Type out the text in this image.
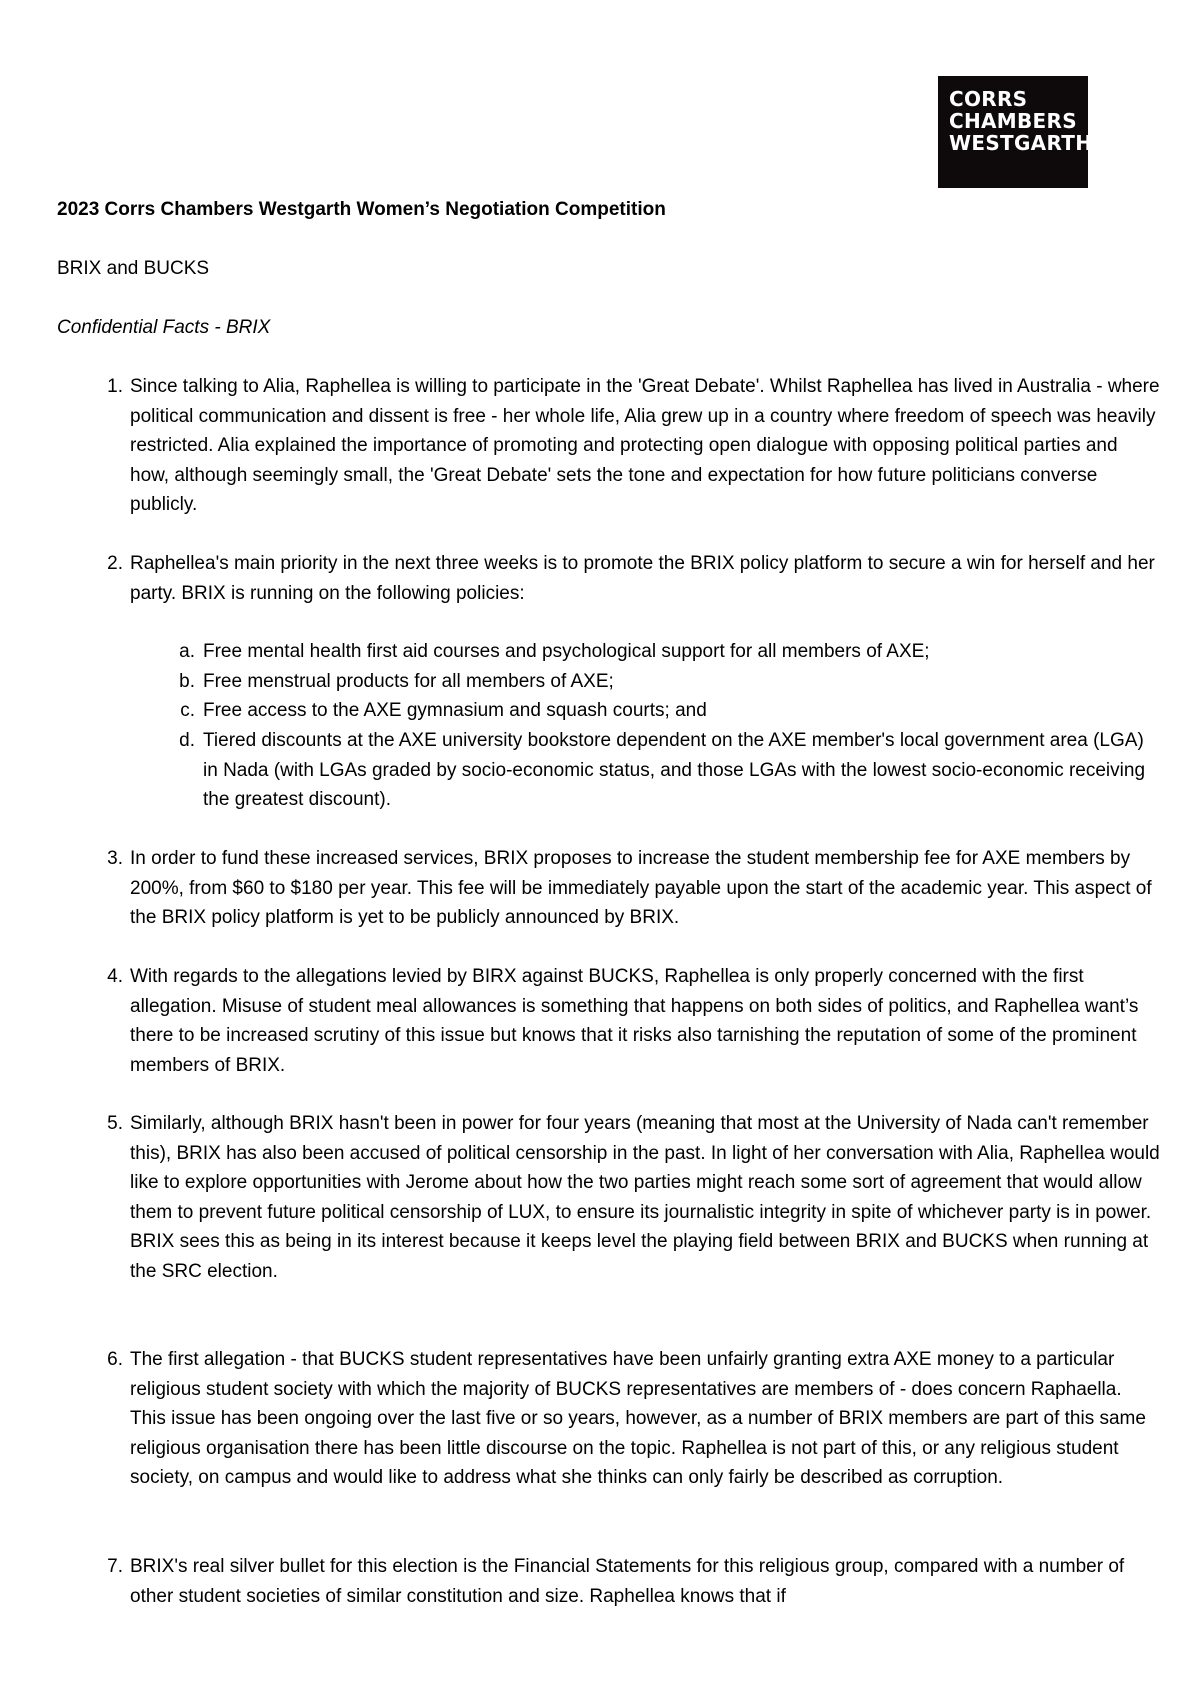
CORRS
CHAMBERS
WESTGARTH
2023 Corrs Chambers Westgarth Women’s Negotiation Competition
BRIX and BUCKS
Confidential Facts - BRIX
1. Since talking to Alia, Raphellea is willing to participate in the 'Great Debate'. Whilst Raphellea has lived in Australia - where political communication and dissent is free - her whole life, Alia grew up in a country where freedom of speech was heavily restricted. Alia explained the importance of promoting and protecting open dialogue with opposing political parties and how, although seemingly small, the 'Great Debate' sets the tone and expectation for how future politicians converse publicly.
2. Raphellea's main priority in the next three weeks is to promote the BRIX policy platform to secure a win for herself and her party. BRIX is running on the following policies:
a. Free mental health first aid courses and psychological support for all members of AXE;
b. Free menstrual products for all members of AXE;
c. Free access to the AXE gymnasium and squash courts; and
d. Tiered discounts at the AXE university bookstore dependent on the AXE member's local government area (LGA) in Nada (with LGAs graded by socio-economic status, and those LGAs with the lowest socio-economic receiving the greatest discount).
3. In order to fund these increased services, BRIX proposes to increase the student membership fee for AXE members by 200%, from $60 to $180 per year. This fee will be immediately payable upon the start of the academic year. This aspect of the BRIX policy platform is yet to be publicly announced by BRIX.
4. With regards to the allegations levied by BIRX against BUCKS, Raphellea is only properly concerned with the first allegation. Misuse of student meal allowances is something that happens on both sides of politics, and Raphellea want’s there to be increased scrutiny of this issue but knows that it risks also tarnishing the reputation of some of the prominent members of BRIX.
5. Similarly, although BRIX hasn't been in power for four years (meaning that most at the University of Nada can't remember this), BRIX has also been accused of political censorship in the past. In light of her conversation with Alia, Raphellea would like to explore opportunities with Jerome about how the two parties might reach some sort of agreement that would allow them to prevent future political censorship of LUX, to ensure its journalistic integrity in spite of whichever party is in power. BRIX sees this as being in its interest because it keeps level the playing field between BRIX and BUCKS when running at the SRC election.
6. The first allegation - that BUCKS student representatives have been unfairly granting extra AXE money to a particular religious student society with which the majority of BUCKS representatives are members of - does concern Raphaella. This issue has been ongoing over the last five or so years, however, as a number of BRIX members are part of this same religious organisation there has been little discourse on the topic. Raphellea is not part of this, or any religious student society, on campus and would like to address what she thinks can only fairly be described as corruption.
7. BRIX's real silver bullet for this election is the Financial Statements for this religious group, compared with a number of other student societies of similar constitution and size. Raphellea knows that if
